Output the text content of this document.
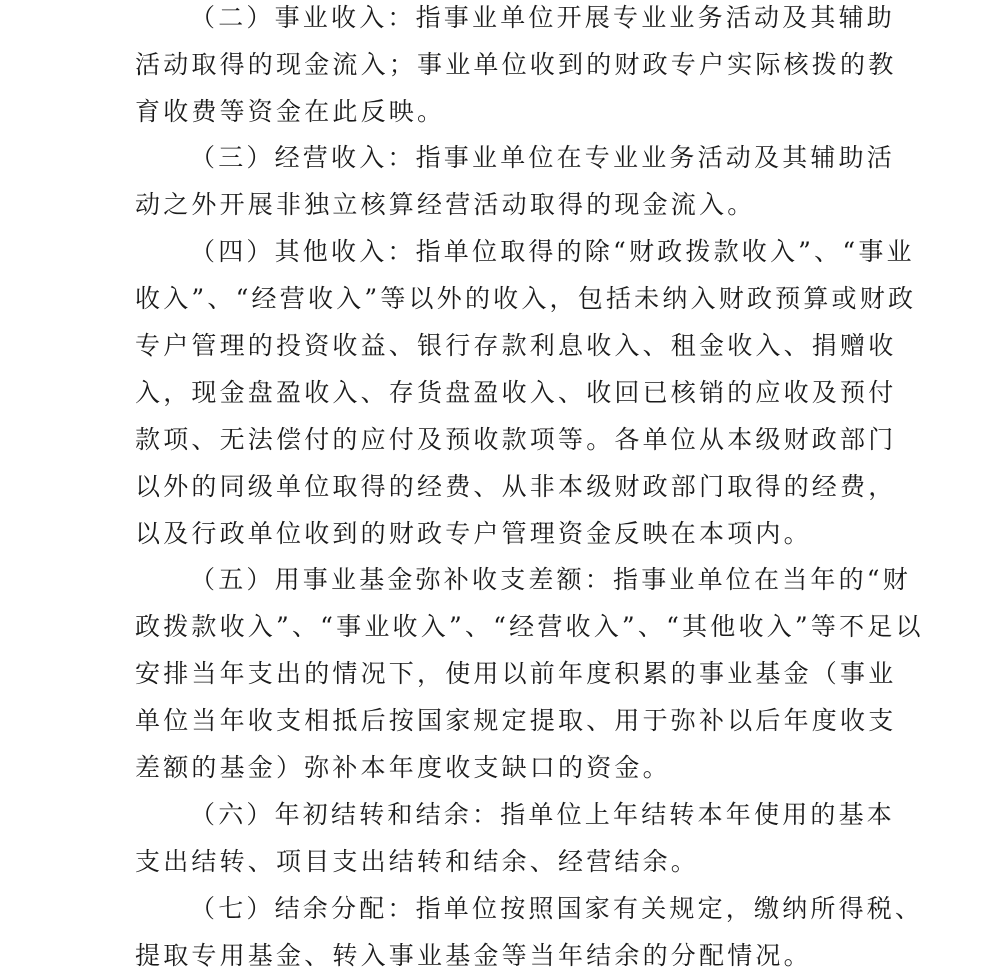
（二）事业收入：指事业单位开展专业业务活动及其辅助

活动取得的现金流入；事业单位收到的财政专户实际核拨的教

育收费等资金在此反映。

（三）经营收入：指事业单位在专业业务活动及其辅助活

动之外开展非独立核算经营活动取得的现金流入。

（四）其他收入：指单位取得的除“财政拨款收入”、“事业

收入”、“经营收入”等以外的收入，包括未纳入财政预算或财政

专户管理的投资收益、银行存款利息收入、租金收入、捐赠收

入，现金盘盈收入、存货盘盈收入、收回已核销的应收及预付

款项、无法偿付的应付及预收款项等。各单位从本级财政部门

以外的同级单位取得的经费、从非本级财政部门取得的经费，

以及行政单位收到的财政专户管理资金反映在本项内。

（五）用事业基金弥补收支差额：指事业单位在当年的“财

政拨款收入”、“事业收入”、“经营收入”、“其他收入”等不足以

安排当年支出的情况下，使用以前年度积累的事业基金（事业

单位当年收支相抵后按国家规定提取、用于弥补以后年度收支

差额的基金）弥补本年度收支缺口的资金。

（六）年初结转和结余：指单位上年结转本年使用的基本

支出结转、项目支出结转和结余、经营结余。

（七）结余分配：指单位按照国家有关规定，缴纳所得税、

提取专用基金、转入事业基金等当年结余的分配情况。
